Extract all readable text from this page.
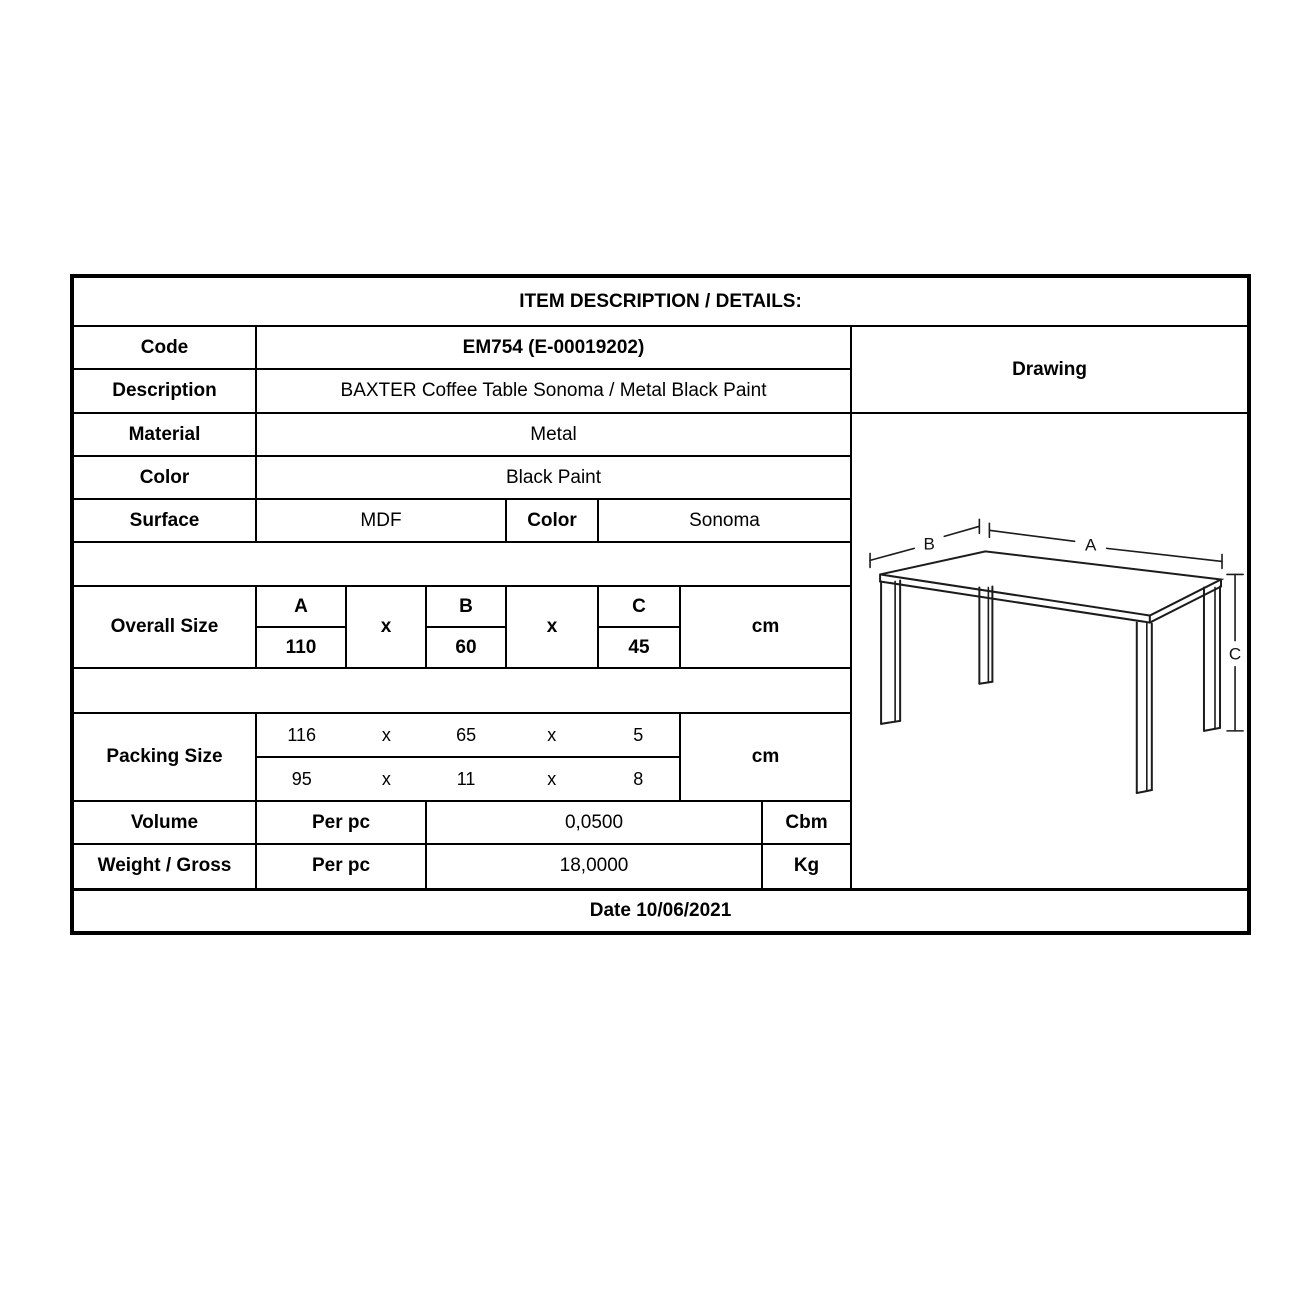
ITEM DESCRIPTION / DETAILS:								
Code	EM754 (E-00019202)							Drawing
Description	BAXTER Coffee Table Sonoma / Metal Black Paint							
Material	Metal							B A
C

Color	Black Paint							
Surface	MDF			Color	Sonoma			

Overall Size	A	x	B	x	C	cm		
	110		60		45			

Packing Size	116 x 65 x 5					cm		

	95 x 11 x 8							

Volume	Per pc		0,0500				Cbm	
Weight / Gross	Per pc		18,0000				Kg	
Date 10/06/2021								
